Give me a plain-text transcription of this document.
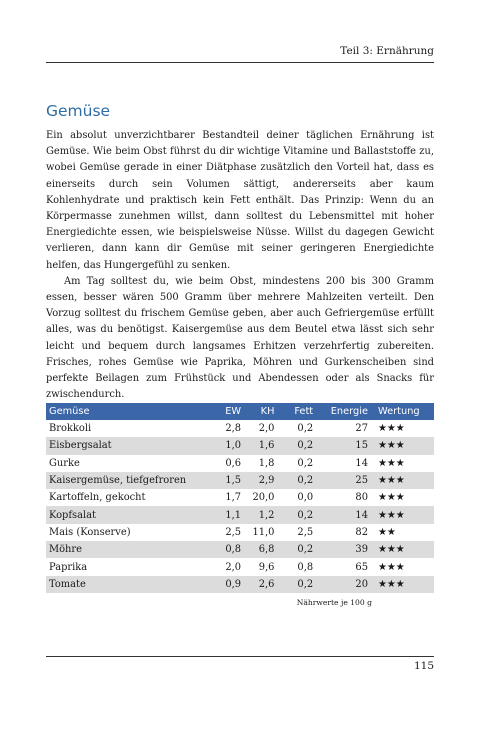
Teil 3: Ernährung
Gemüse

Ein absolut unverzichtbarer Bestandteil deiner täglichen Ernährung ist Gemüse. Wie beim Obst führst du dir wichtige Vitamine und Ballaststoffe zu, wobei Gemüse gerade in einer Diätphase zusätzlich den Vorteil hat, dass es einerseits durch sein Volumen sättigt, andererseits aber kaum Kohlenhydrate und praktisch kein Fett enthält. Das Prinzip: Wenn du an Körpermasse zunehmen willst, dann solltest du Lebensmittel mit hoher Energiedichte essen, wie beispielsweise Nüsse. Willst du dagegen Gewicht verlieren, dann kann dir Gemüse mit seiner geringeren Energiedichte helfen, das Hungergefühl zu senken.

Am Tag solltest du, wie beim Obst, mindestens 200 bis 300 Gramm essen, besser wären 500 Gramm über mehrere Mahlzeiten verteilt. Den Vorzug solltest du frischem Gemüse geben, aber auch Gefriergemüse erfüllt alles, was du benötigst. Kaisergemüse aus dem Beutel etwa lässt sich sehr leicht und bequem durch langsames Erhitzen verzehrfertig zubereiten. Frisches, rohes Gemüse wie Paprika, Möhren und Gurkenscheiben sind perfekte Beilagen zum Frühstück und Abendessen oder als Snacks für zwischendurch.

Gemüse	EW	KH	Fett	Energie	Wertung
Brokkoli	2,8	2,0	0,2	27	★★★
Eisbergsalat	1,0	1,6	0,2	15	★★★
Gurke	0,6	1,8	0,2	14	★★★
Kaisergemüse, tiefgefroren	1,5	2,9	0,2	25	★★★
Kartoffeln, gekocht	1,7	20,0	0,0	80	★★★
Kopfsalat	1,1	1,2	0,2	14	★★★
Mais (Konserve)	2,5	11,0	2,5	82	★★
Möhre	0,8	6,8	0,2	39	★★★
Paprika	2,0	9,6	0,8	65	★★★
Tomate	0,9	2,6	0,2	20	★★★
Nährwerte je 100 g
115
